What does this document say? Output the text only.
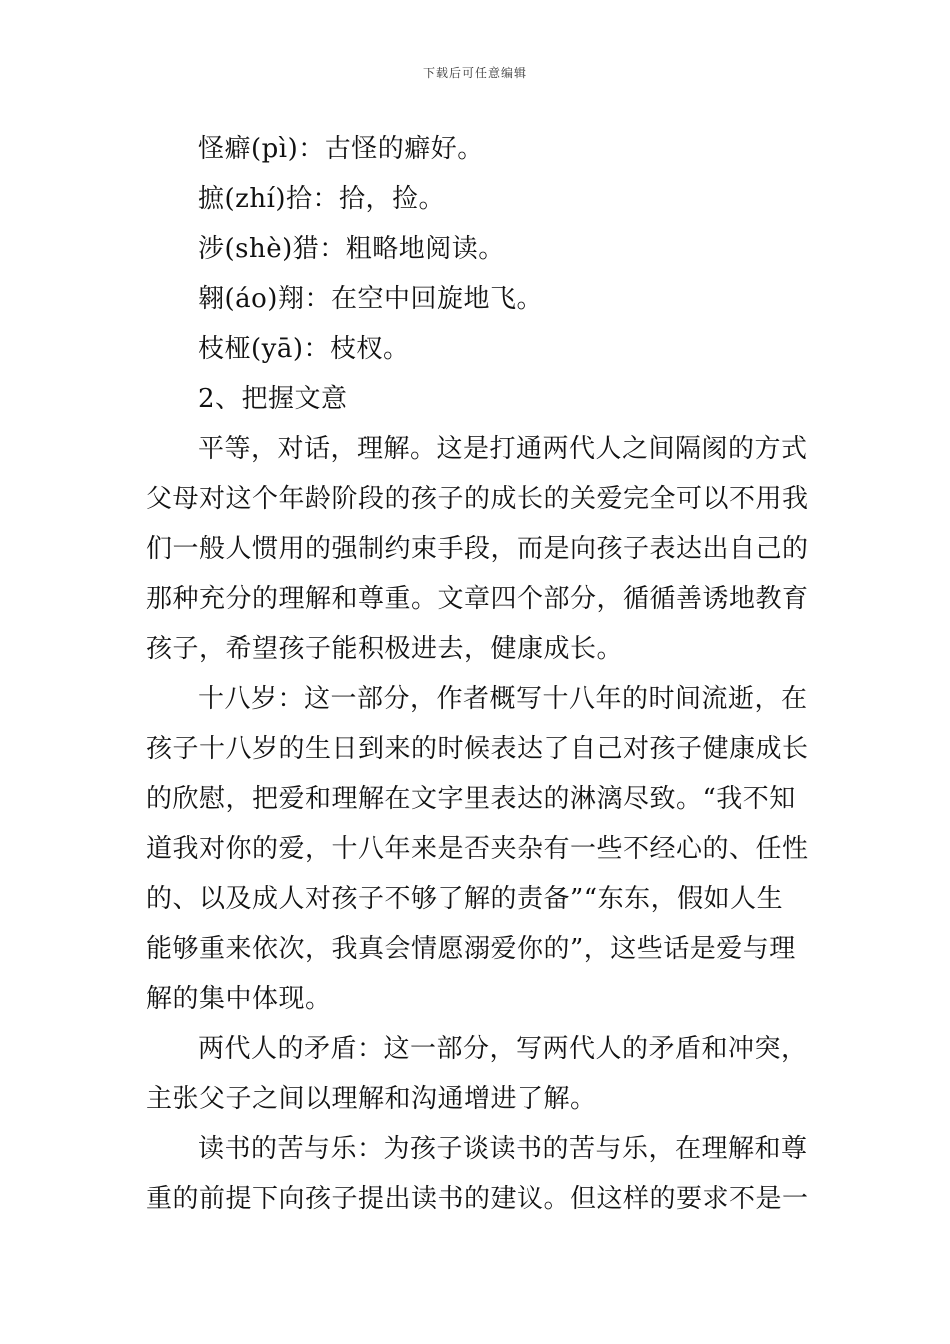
下载后可任意编辑
怪癖(pì)：古怪的癖好。
摭(zhí)拾：拾，捡。
涉(shè)猎：粗略地阅读。
翱(áo)翔：在空中回旋地飞。
枝桠(yā)：枝杈。
2、把握文意
平等，对话，理解。这是打通两代人之间隔阂的方式
父母对这个年龄阶段的孩子的成长的关爱完全可以不用我
们一般人惯用的强制约束手段，而是向孩子表达出自己的
那种充分的理解和尊重。文章四个部分，循循善诱地教育
孩子，希望孩子能积极进去，健康成长。
十八岁：这一部分，作者概写十八年的时间流逝，在
孩子十八岁的生日到来的时候表达了自己对孩子健康成长
的欣慰，把爱和理解在文字里表达的淋漓尽致。“我不知
道我对你的爱，十八年来是否夹杂有一些不经心的、任性
的、以及成人对孩子不够了解的责备”“东东，假如人生
能够重来依次，我真会情愿溺爱你的”，这些话是爱与理
解的集中体现。
两代人的矛盾：这一部分，写两代人的矛盾和冲突，
主张父子之间以理解和沟通增进了解。
读书的苦与乐：为孩子谈读书的苦与乐，在理解和尊
重的前提下向孩子提出读书的建议。但这样的要求不是一
